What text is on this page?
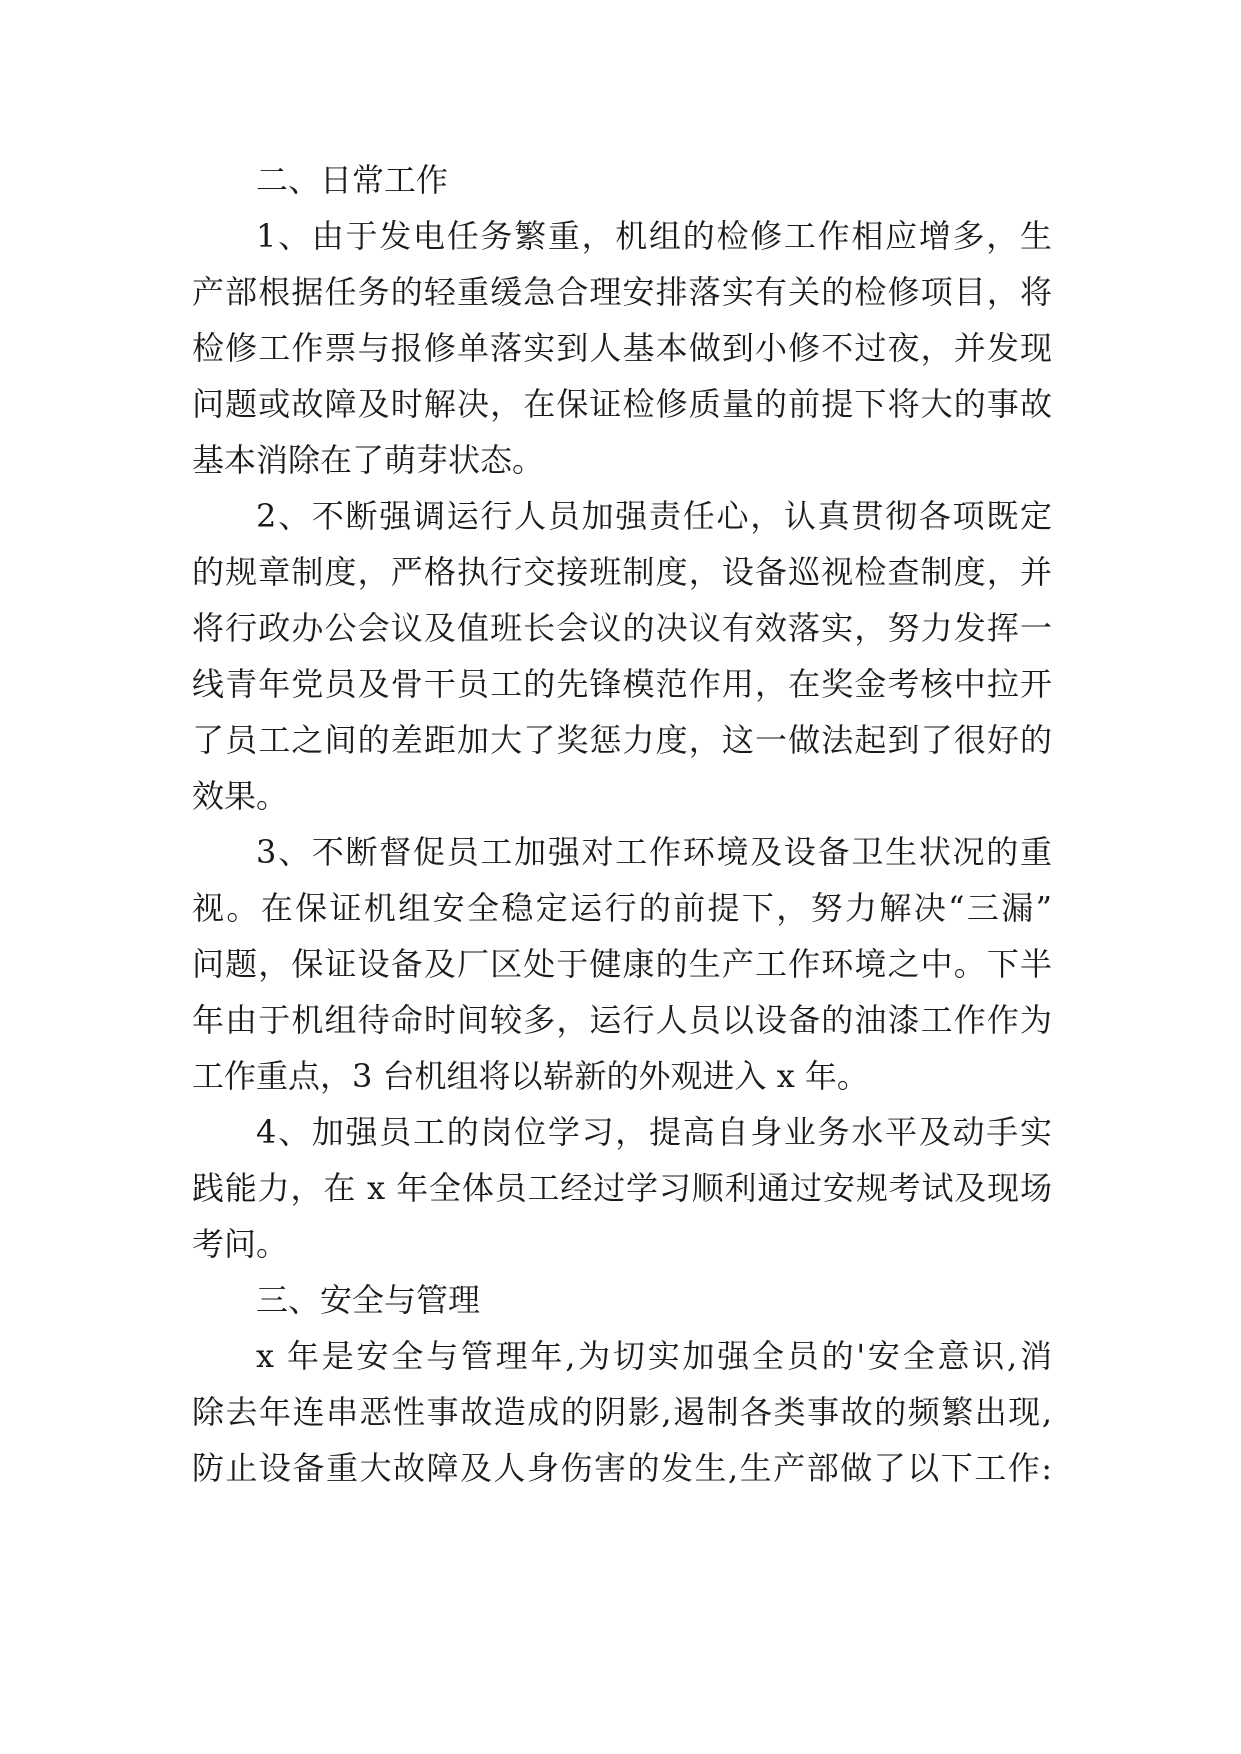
二、日常工作
1、由于发电任务繁重，机组的检修工作相应增多，生
产部根据任务的轻重缓急合理安排落实有关的检修项目，将
检修工作票与报修单落实到人基本做到小修不过夜，并发现
问题或故障及时解决，在保证检修质量的前提下将大的事故
基本消除在了萌芽状态。
2、不断强调运行人员加强责任心，认真贯彻各项既定
的规章制度，严格执行交接班制度，设备巡视检查制度，并
将行政办公会议及值班长会议的决议有效落实，努力发挥一
线青年党员及骨干员工的先锋模范作用，在奖金考核中拉开
了员工之间的差距加大了奖惩力度，这一做法起到了很好的
效果。
3、不断督促员工加强对工作环境及设备卫生状况的重
视。在保证机组安全稳定运行的前提下，努力解决“三漏”
问题，保证设备及厂区处于健康的生产工作环境之中。下半
年由于机组待命时间较多，运行人员以设备的油漆工作作为
工作重点，3 台机组将以崭新的外观进入 x 年。
4、加强员工的岗位学习，提高自身业务水平及动手实
践能力，在 x 年全体员工经过学习顺利通过安规考试及现场
考问。
三、安全与管理
x 年是安全与管理年,为切实加强全员的'安全意识,消
除去年连串恶性事故造成的阴影,遏制各类事故的频繁出现,
防止设备重大故障及人身伤害的发生,生产部做了以下工作:
